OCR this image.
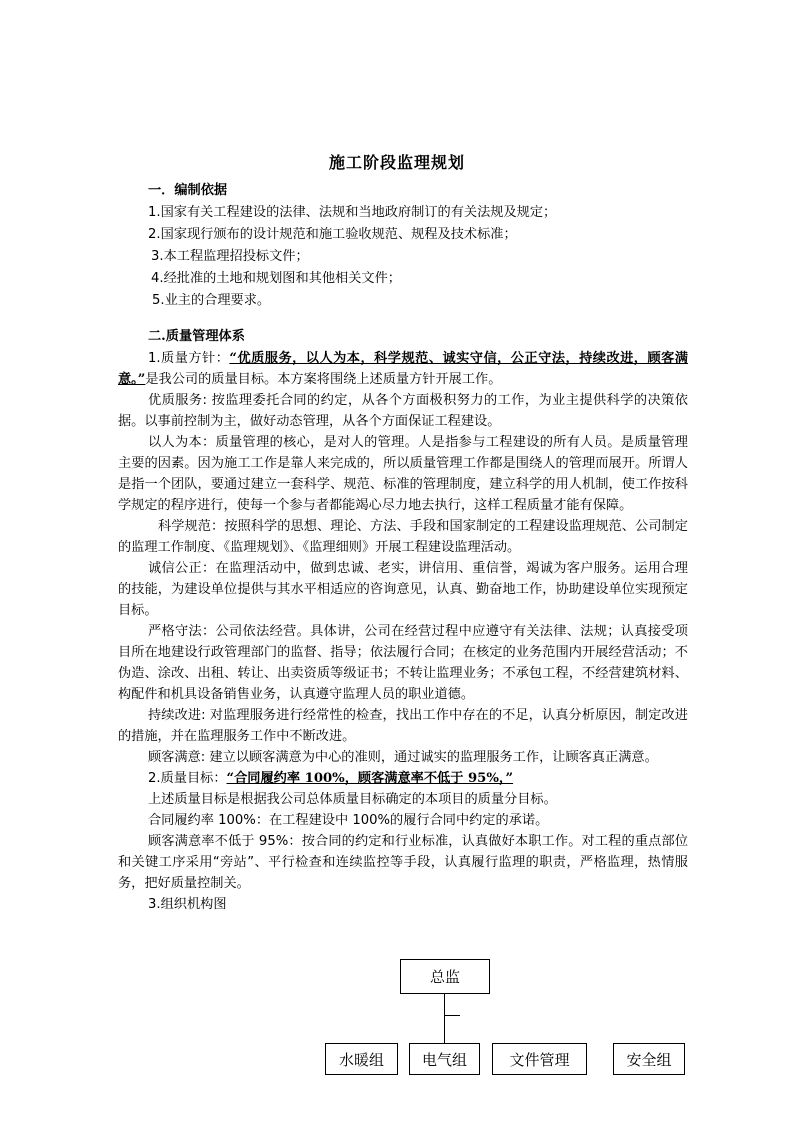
施工阶段监理规划
一．编制依据
1.国家有关工程建设的法律、法规和当地政府制订的有关法规及规定；
2.国家现行颁布的设计规范和施工验收规范、规程及技术标准；
3.本工程监理招投标文件；
4.经批准的土地和规划图和其他相关文件；
5.业主的合理要求。
二.质量管理体系
1.质量方针：“优质服务，以人为本，科学规范、诚实守信，公正守法，持续改进，顾客满意。”是我公司的质量目标。本方案将围绕上述质量方针开展工作。
优质服务: 按监理委托合同的约定，从各个方面极积努力的工作，为业主提供科学的决策依据。以事前控制为主，做好动态管理，从各个方面保证工程建设。
以人为本：质量管理的核心，是对人的管理。人是指参与工程建设的所有人员。是质量管理主要的因素。因为施工工作是靠人来完成的，所以质量管理工作都是围绕人的管理而展开。所谓人是指一个团队，要通过建立一套科学、规范、标准的管理制度，建立科学的用人机制，使工作按科学规定的程序进行，使每一个参与者都能竭心尽力地去执行，这样工程质量才能有保障。
科学规范：按照科学的思想、理论、方法、手段和国家制定的工程建设监理规范、公司制定的监理工作制度、《监理规划》、《监理细则》开展工程建设监理活动。
诚信公正：在监理活动中，做到忠诚、老实，讲信用、重信誉，竭诚为客户服务。运用合理的技能，为建设单位提供与其水平相适应的咨询意见，认真、勤奋地工作，协助建设单位实现预定目标。
严格守法：公司依法经营。具体讲，公司在经营过程中应遵守有关法律、法规；认真接受项目所在地建设行政管理部门的监督、指导；依法履行合同；在核定的业务范围内开展经营活动；不伪造、涂改、出租、转让、出卖资质等级证书；不转让监理业务；不承包工程，不经营建筑材料、构配件和机具设备销售业务，认真遵守监理人员的职业道德。
持续改进: 对监理服务进行经常性的检查，找出工作中存在的不足，认真分析原因，制定改进的措施，并在监理服务工作中不断改进。
顾客满意: 建立以顾客满意为中心的准则，通过诚实的监理服务工作，让顾客真正满意。
2.质量目标：“合同履约率 100%，顾客满意率不低于 95%，”
上述质量目标是根据我公司总体质量目标确定的本项目的质量分目标。
合同履约率 100%：在工程建设中 100%的履行合同中约定的承诺。
顾客满意率不低于 95%：按合同的约定和行业标准，认真做好本职工作。对工程的重点部位和关键工序采用“旁站”、平行检查和连续监控等手段，认真履行监理的职责，严格监理，热情服务，把好质量控制关。
3.组织机构图
总监
水暖组	电气组	文件管理	安全组
